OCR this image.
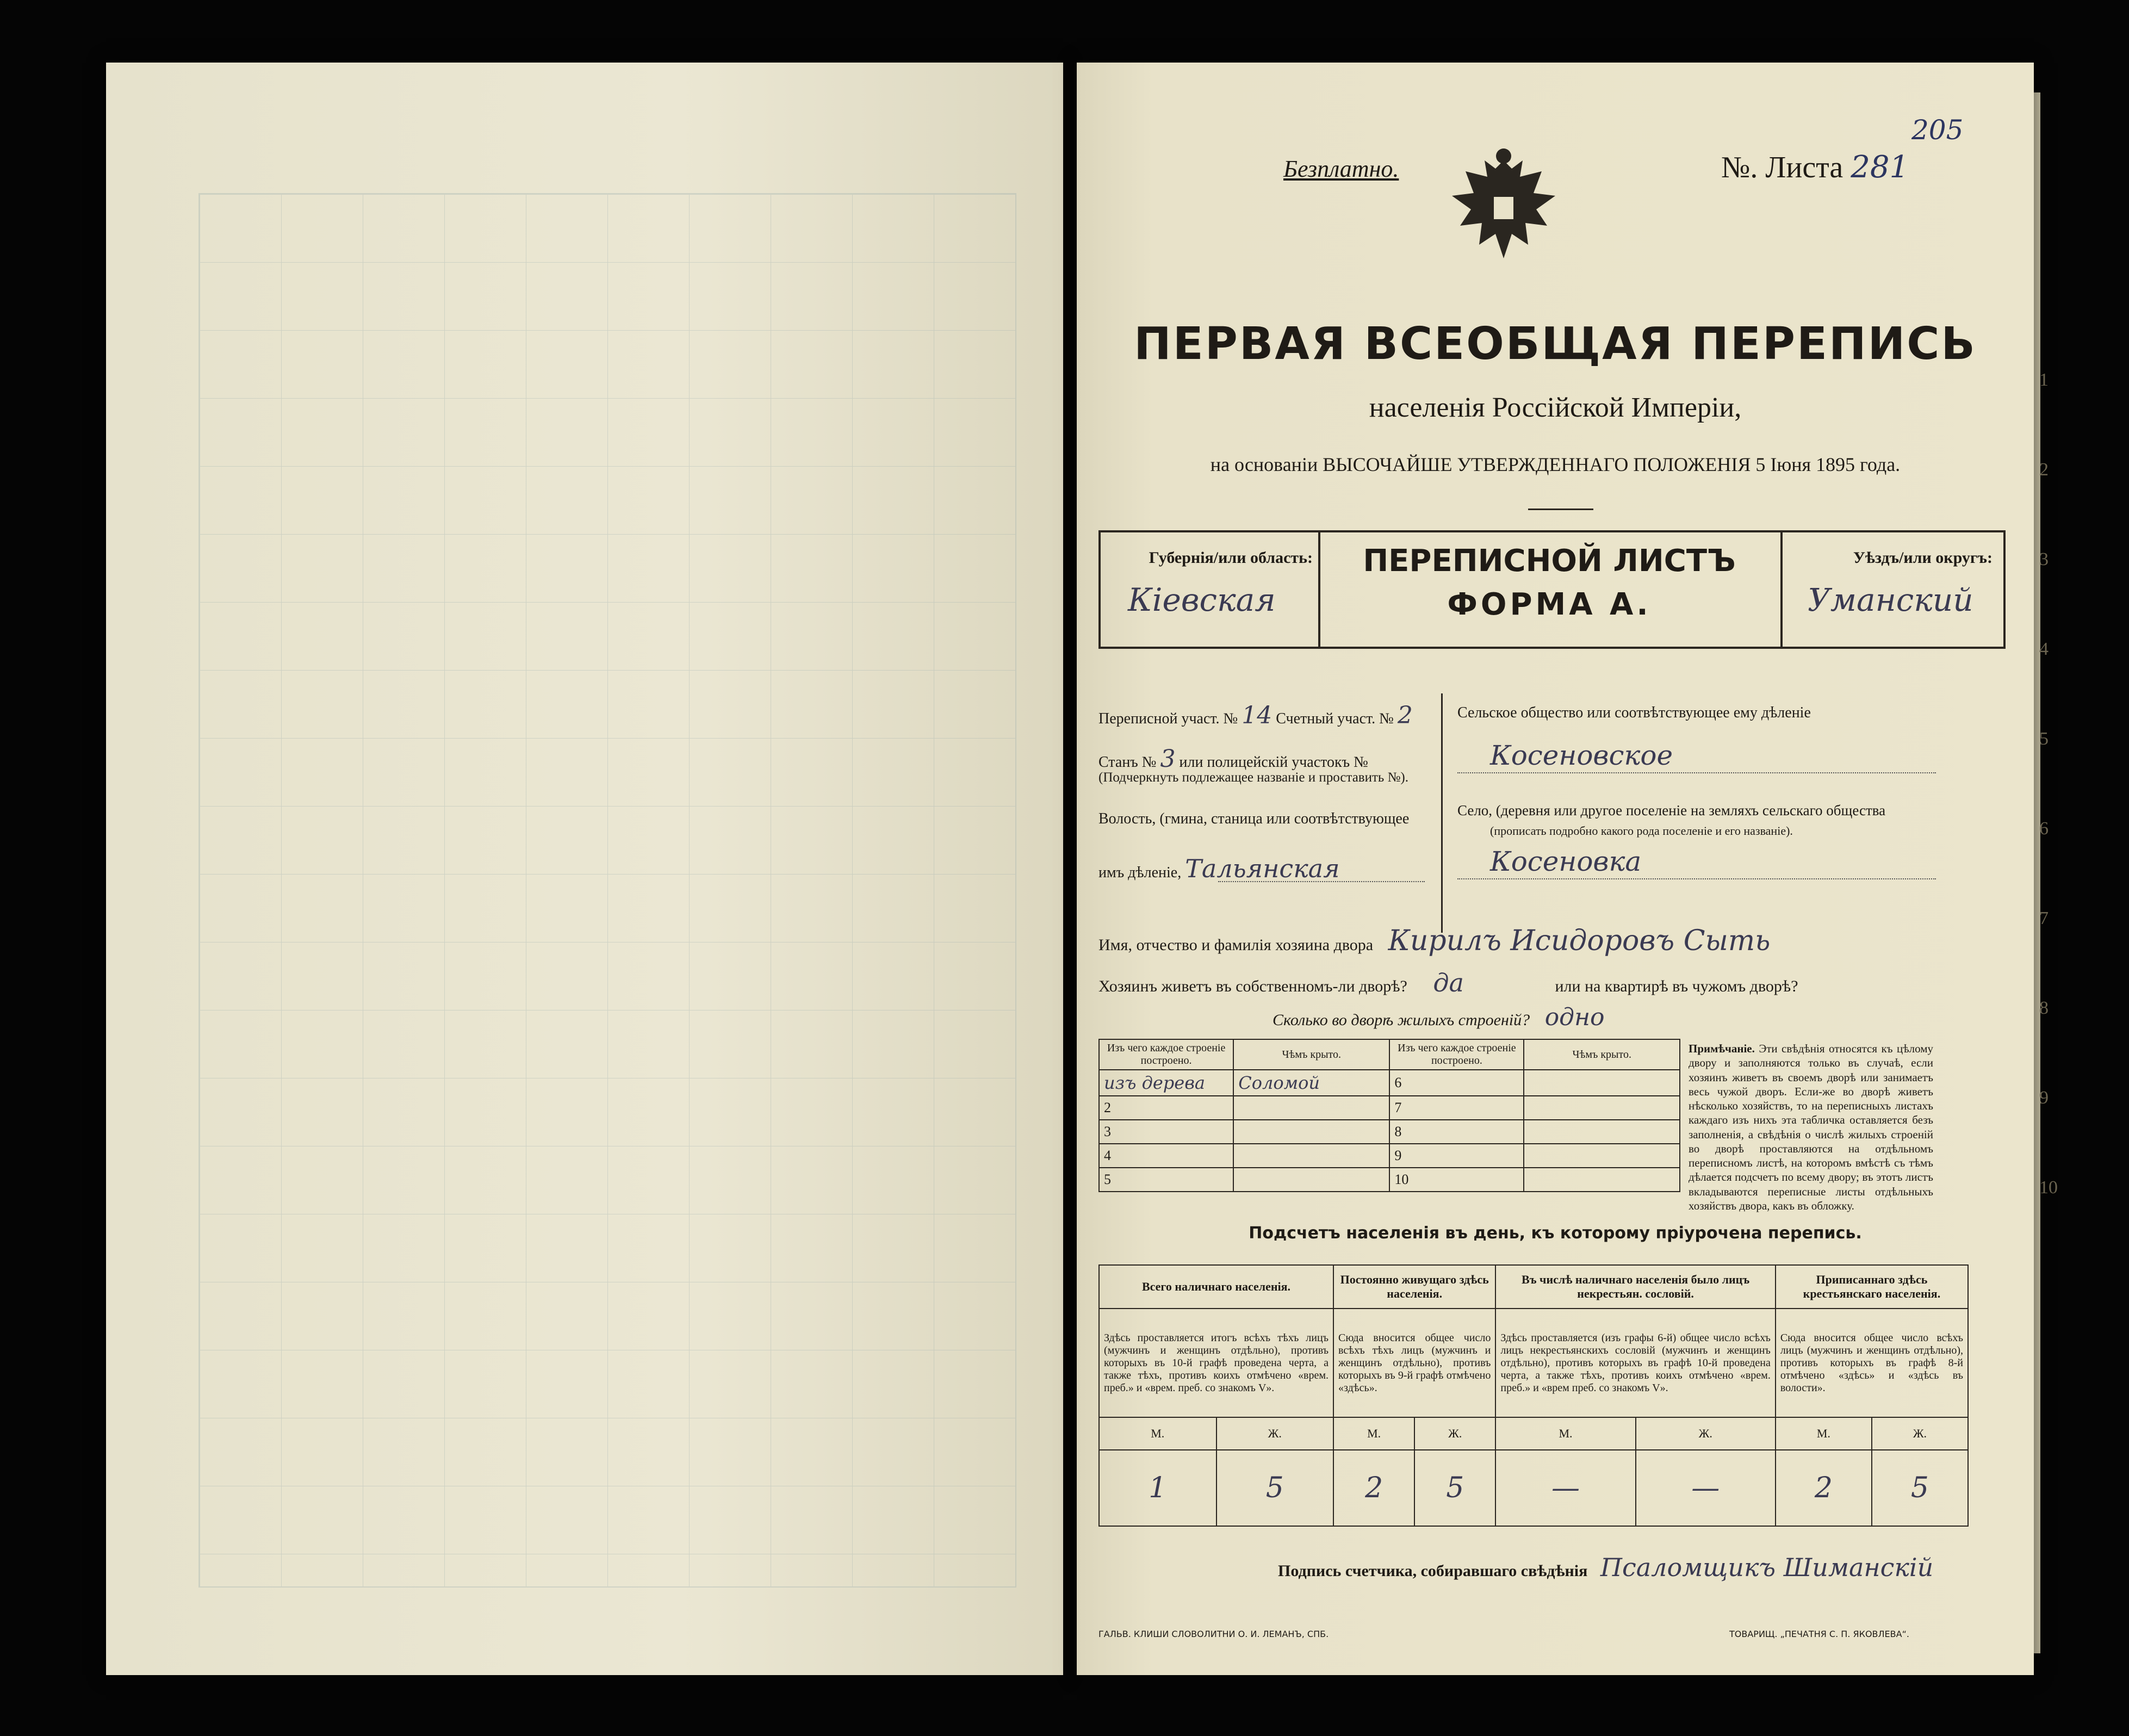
Безплатно.	№. Листа 281
205
ПЕРВАЯ ВСЕОБЩАЯ ПЕРЕПИСЬ
населенія Россійской Имперіи,
на основаніи ВЫСОЧАЙШЕ УТВЕРЖДЕННАГО ПОЛОЖЕНІЯ 5 Іюня 1895 года.
Губернія/или область:
Кіевская
ПЕРЕПИСНОЙ ЛИСТЪ
ФОРМА А.
Уѣздъ/или округъ:
Уманский
Переписной участ. № 14 Счетный участ. № 2
Станъ № 3 или полицейскій участокъ №
(Подчеркнуть подлежащее названіе и проставить №).
Волость, (гмина, станица или соотвѣтствующее
имъ дѣленіе, Тальянская
Сельское общество или соотвѣтствующее ему дѣленіе
Косеновское
Село, (деревня или другое поселеніе на земляхъ сельскаго общества
(прописать подробно какого рода поселеніе и его названіе).
Косеновка
Имя, отчество и фамилія хозяина двора Кирилъ Исидоровъ Сыть
Хозяинъ живетъ въ собственномъ-ли дворѣ? да	или на квартирѣ въ чужомъ дворѣ?
Сколько во дворѣ жилыхъ строеній? одно
Изъ чего каждое строеніе построено.	Чѣмъ крыто.	Изъ чего каждое строеніе построено.	Чѣмъ крыто.
изъ дерева	Соломой	6	
2		7	
3		8	
4		9	
5		10	
Примѣчаніе. Эти свѣдѣнія относятся къ цѣлому двору и заполняются только въ случаѣ, если хозяинъ живетъ въ своемъ дворѣ или занимаетъ весь чужой дворъ. Если-же во дворѣ живетъ нѣсколько хозяйствъ, то на переписныхъ листахъ каждаго изъ нихъ эта табличка оставляется безъ заполненія, а свѣдѣнія о числѣ жилыхъ строеній во дворѣ проставляются на отдѣльномъ переписномъ листѣ, на которомъ вмѣстѣ съ тѣмъ дѣлается подсчетъ по всему двору; въ этотъ листъ вкладываются переписные листы отдѣльныхъ хозяйствъ двора, какъ въ обложку.
Подсчетъ населенія въ день, къ которому пріурочена перепись.
Всего наличнаго населенія.		Постоянно живущаго здѣсь населенія.		Въ числѣ наличнаго населенія было лицъ некрестьян. сословій.		Приписаннаго здѣсь крестьянскаго населенія.	
Здѣсь проставляется итогъ всѣхъ тѣхъ лицъ (мужчинъ и женщинъ отдѣльно), противъ которыхъ въ 10-й графѣ проведена черта, а также тѣхъ, противъ коихъ отмѣчено «врем. преб.» и «врем. преб. со знакомъ V».		Сюда вносится общее число всѣхъ тѣхъ лицъ (мужчинъ и женщинъ отдѣльно), противъ которыхъ въ 9-й графѣ отмѣчено «здѣсь».		Здѣсь проставляется (изъ графы 6-й) общее число всѣхъ лицъ некрестьянскихъ сословій (мужчинъ и женщинъ отдѣльно), противъ которыхъ въ графѣ 10-й проведена черта, а также тѣхъ, противъ коихъ отмѣчено «врем. преб.» и «врем преб. со знакомъ V».		Сюда вносится общее число всѣхъ лицъ (мужчинъ и женщинъ отдѣльно), противъ которыхъ въ графѣ 8-й отмѣчено «здѣсь» и «здѣсь въ волости».	
М.	Ж.	М.	Ж.	М.	Ж.	М.	Ж.
1	5	2	5	—	—	2	5
Подпись счетчика, собиравшаго свѣдѣнія Псаломщикъ Шиманскій
ГАЛЬВ. КЛИШИ СЛОВОЛИТНИ О. И. ЛЕМАНЪ, СПБ.	ТОВАРИЩ. „ПЕЧАТНЯ С. П. ЯКОВЛЕВА“.
1
2
3
4
5
6
7
8
9
10
